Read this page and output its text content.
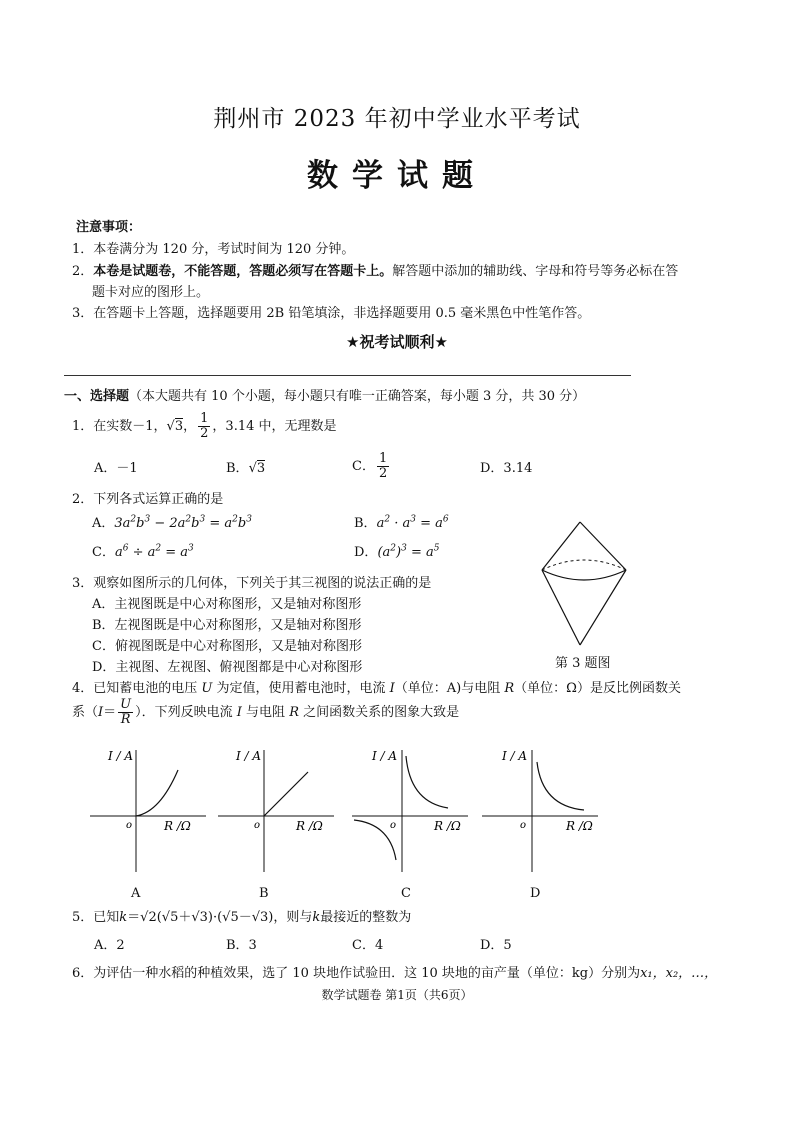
荆州市 2023 年初中学业水平考试
数学试题
注意事项：
1．本卷满分为 120 分，考试时间为 120 分钟。
2．本卷是试题卷，不能答题，答题必须写在答题卡上。解答题中添加的辅助线、字母和符号等务必标在答
题卡对应的图形上。
3．在答题卡上答题，选择题要用 2B 铅笔填涂，非选择题要用 0.5 毫米黑色中性笔作答。
★祝考试顺利★
一、选择题（本大题共有 10 个小题，每小题只有唯一正确答案，每小题 3 分，共 30 分）
1．在实数－1，√3， $\frac{1}{2}$ ，3.14 中，无理数是
A．－1	B．√3	C． $\frac{1}{2}$	D．3.14
2．下列各式运算正确的是
A．$3a^2b^3 - 2a^2b^3 = a^2b^3$	B．$a^2 \cdot a^3 = a^6$
C．$a^6 \div a^2 = a^3$	D．$(a^2)^3 = a^5$
3．观察如图所示的几何体，下列关于其三视图的说法正确的是
A．主视图既是中心对称图形，又是轴对称图形
B．左视图既是中心对称图形，又是轴对称图形
C．俯视图既是中心对称图形，又是轴对称图形
D．主视图、左视图、俯视图都是中心对称图形	第 3 题图
4．已知蓄电池的电压 U 为定值，使用蓄电池时，电流 I（单位：A)与电阻 R（单位：Ω）是反比例函数关
系（$I= \frac{U}{R}$ ）．下列反映电流 I 与电阻 R 之间函数关系的图象大致是
I / A
o	R /Ω
A
I / A
o	R /Ω
B
I / A
o	R /Ω
C
I / A
o	R /Ω
D
5．已知k＝√2(√5＋√3)·(√5－√3)，则与k最接近的整数为
A．2	B．3	C．4	D．5
6．为评估一种水稻的种植效果，选了 10 块地作试验田．这 10 块地的亩产量（单位：kg）分别为x₁，x₂，…，
数学试题卷 第1页（共6页）
